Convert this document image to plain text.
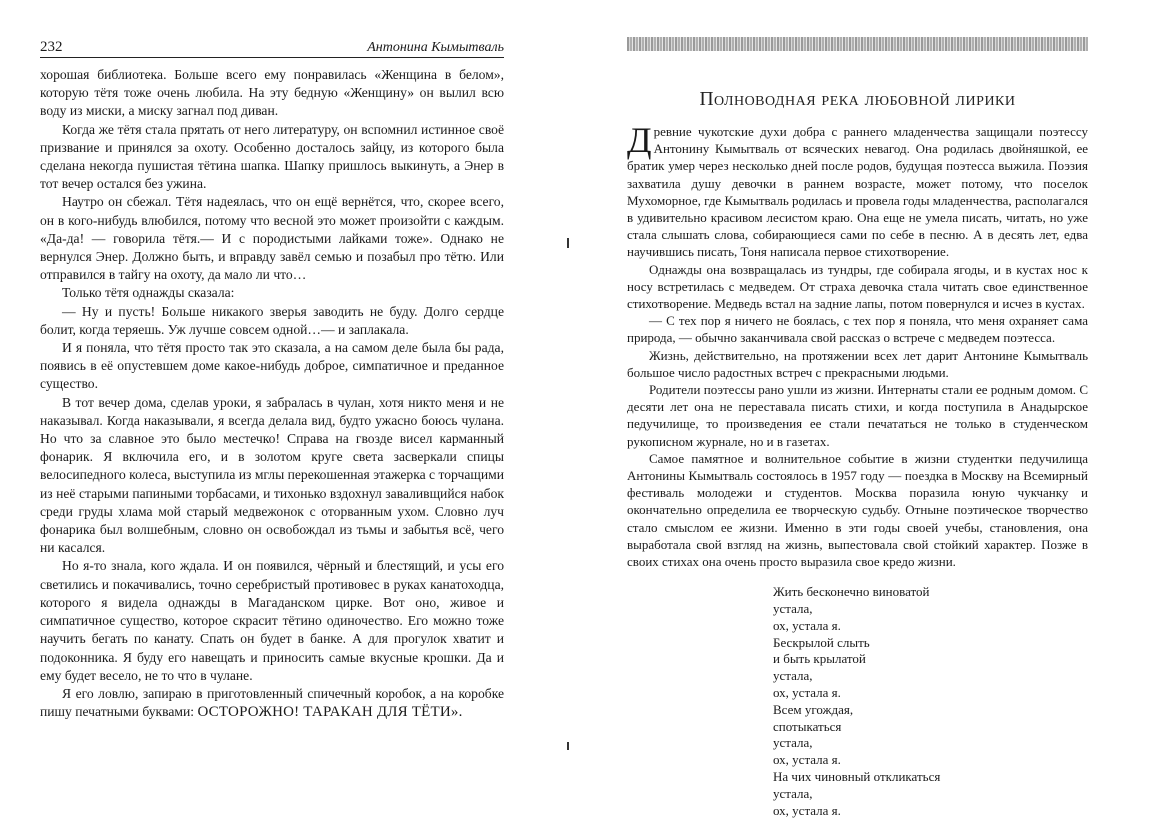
232	Антонина Кымытваль

хорошая библиотека. Больше всего ему понравилась «Женщина в белом», которую тётя тоже очень любила. На эту бедную «Женщину» он вылил всю воду из миски, а миску загнал под диван.

Когда же тётя стала прятать от него литературу, он вспомнил истинное своё призвание и принялся за охоту. Особенно досталось зайцу, из которого была сделана некогда пушистая тётина шапка. Шапку пришлось выкинуть, а Энер в тот вечер остался без ужина.

Наутро он сбежал. Тётя надеялась, что он ещё вернётся, что, скорее всего, он в кого-нибудь влюбился, потому что весной это может произойти с каждым. «Да-да! — говорила тётя.— И с породистыми лайками тоже». Однако не вернулся Энер. Должно быть, и вправду завёл семью и позабыл про тётю. Или отправился в тайгу на охоту, да мало ли что…

Только тётя однажды сказала:

— Ну и пусть! Больше никакого зверья заводить не буду. Долго сердце болит, когда теряешь. Уж лучше совсем одной…— и заплакала.

И я поняла, что тётя просто так это сказала, а на самом деле была бы рада, появись в её опустевшем доме какое-нибудь доброе, симпатичное и преданное существо.

В тот вечер дома, сделав уроки, я забралась в чулан, хотя никто меня и не наказывал. Когда наказывали, я всегда делала вид, будто ужасно боюсь чулана. Но что за славное это было местечко! Справа на гвозде висел карманный фонарик. Я включила его, и в золотом круге света засверкали спицы велосипедного колеса, выступила из мглы перекошенная этажерка с торчащими из неё старыми папиными торбасами, и тихонько вздохнул заваливщийся набок среди груды хлама мой старый медвежонок с оторванным ухом. Словно луч фонарика был волшебным, словно он освобождал из тьмы и забытья всё, чего ни касался.

Но я-то знала, кого ждала. И он появился, чёрный и блестящий, и усы его светились и покачивались, точно серебристый противовес в руках канатоходца, которого я видела однажды в Магаданском цирке. Вот оно, живое и симпатичное существо, которое скрасит тётино одиночество. Его можно тоже научить бегать по канату. Спать он будет в банке. А для прогулок хватит и подоконника. Я буду его навещать и приносить самые вкусные крошки. Да и ему будет весело, не то что в чулане.

Я его ловлю, запираю в приготовленный спичечный коробок, а на коробке пишу печатными буквами: ОСТОРОЖНО! ТАРАКАН ДЛЯ ТЁТИ».

Полноводная река любовной лирики

Древние чукотские духи добра с раннего младенчества защищали поэтессу Антонину Кымытваль от всяческих невагод. Она родилась двойняшкой, ее братик умер через несколько дней после родов, будущая поэтесса выжила. Поэзия захватила душу девочки в раннем возрасте, может потому, что поселок Мухоморное, где Кымытваль родилась и провела годы младенчества, располагался в удивительно красивом лесистом краю. Она еще не умела писать, читать, но уже стала слышать слова, собирающиеся сами по себе в песню. А в десять лет, едва научившись писать, Тоня написала первое стихотворение.

Однажды она возвращалась из тундры, где собирала ягоды, и в кустах нос к носу встретилась с медведем. От страха девочка стала читать свое единственное стихотворение. Медведь встал на задние лапы, потом повернулся и исчез в кустах.

— С тех пор я ничего не боялась, с тех пор я поняла, что меня охраняет сама природа, — обычно заканчивала свой рассказ о встрече с медведем поэтесса.

Жизнь, действительно, на протяжении всех лет дарит Антонине Кымытваль большое число радостных встреч с прекрасными людьми.

Родители поэтессы рано ушли из жизни. Интернаты стали ее родным домом. С десяти лет она не переставала писать стихи, и когда поступила в Анадырское педучилище, то произведения ее стали печататься не только в студенческом рукописном журнале, но и в газетах.

Самое памятное и волнительное событие в жизни студентки педучилища Антонины Кымытваль состоялось в 1957 году — поездка в Москву на Всемирный фестиваль молодежи и студентов. Москва поразила юную чукчанку и окончательно определила ее творческую судьбу. Отныне поэтическое творчество стало смыслом ее жизни. Именно в эти годы своей учебы, становления, она выработала свой взгляд на жизнь, выпестовала свой стойкий характер. Позже в своих стихах она очень просто выразила свое кредо жизни.

Жить бесконечно виноватой
устала,
ох, устала я.
Бескрылой слыть
и быть крылатой
устала,
ох, устала я.
Всем угождая,
спотыкаться
устала,
ох, устала я.
На чих чиновный откликаться
устала,
ох, устала я.
